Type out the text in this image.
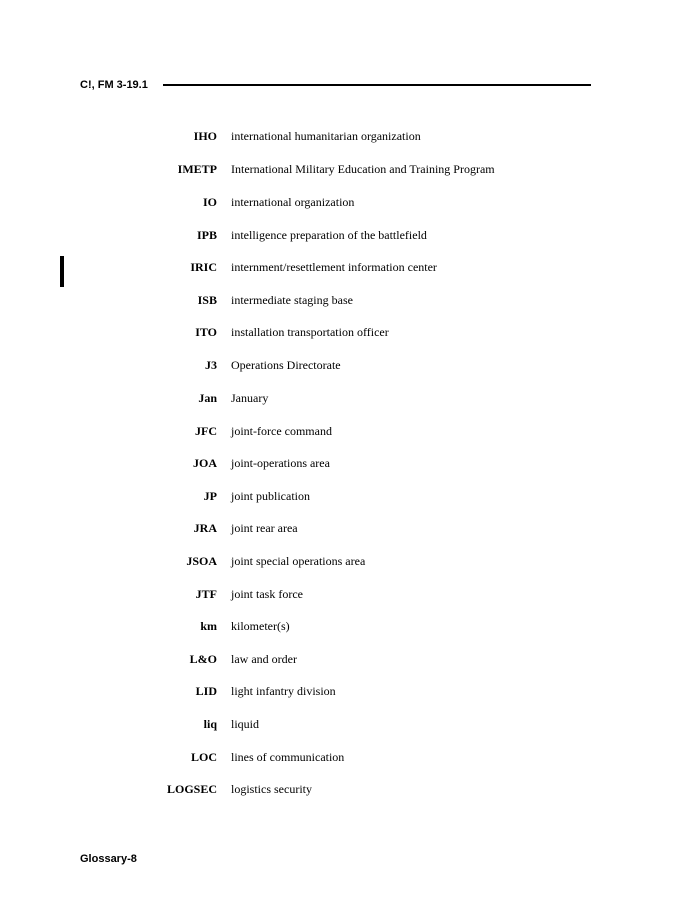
C!, FM 3-19.1
IHO international humanitarian organization
IMETP International Military Education and Training Program
IO international organization
IPB intelligence preparation of the battlefield
IRIC internment/resettlement information center
ISB intermediate staging base
ITO installation transportation officer
J3 Operations Directorate
Jan January
JFC joint-force command
JOA joint-operations area
JP joint publication
JRA joint rear area
JSOA joint special operations area
JTF joint task force
km kilometer(s)
L&O law and order
LID light infantry division
liq liquid
LOC lines of communication
LOGSEC logistics security
Glossary-8
